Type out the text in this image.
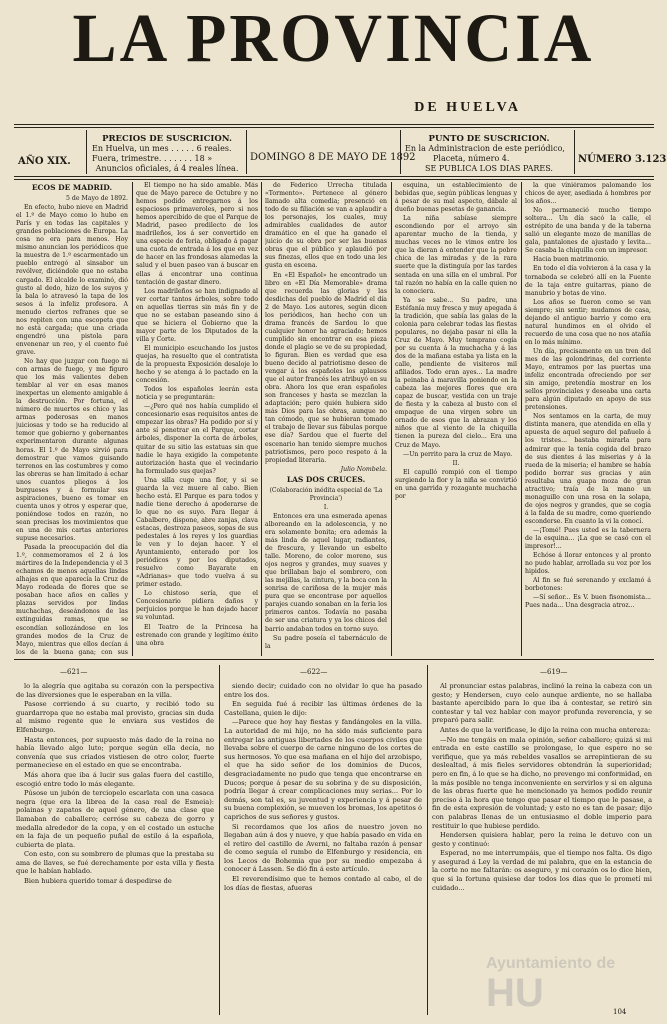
LA PROVINCIA
DE HUELVA
AÑO XIX.
PRECIOS DE SUSCRICION.
En Huelva, un mes . . . . . 6 reales.
Fuera, trimestre. . . . . . . 18 »
Anuncios oficiales, á 4 reales línea.
DOMINGO 8 DE MAYO DE 1892
PUNTO DE SUSCRICION.
En la Administracion de este periódico,
Placeta, número 4.
SE PUBLICA LOS DIAS PARES.
NÚMERO 3.123

ECOS DE MADRID.

5 de Mayo de 1892.

En efecto, hubo nieve en Madrid el 1.º de Mayo como lo hubo en París y en todas las capitales y grandes poblaciones de Europa. La cosa no era para menos. Hoy mismo anuncian los periódicos que la muestra de 1.º escarmentado un pueblo entregó al sinsabor un revólver, diciéndole que no estaba cargado. El alcalde lo examinó, dió gusto al dedo, hizo de los suyos y la bala lo atravesó la tapa de los sesos á la infeliz profesora. A menudo ciertos refranes que se nos repiten con una escopeta que no está cargada; que una criada engendró una pistola para envenenar un reo, y el cuento fué grave.

No hay que juzgar con fuego ni con armas de fuego, y me figuro que los más valientes deben temblar al ver en esas manos inexpertas un elemento amigable á la destrucción. Por fortuna, el número de muertos es chico y las armas poderosas en manos juiciosas y todo se ha reducido al temor que gobierno y gobernantes experimentaron durante algunas horas. El 1.º de Mayo sirvió para demostrar que vamos guisando terrenos en las costumbres y como las obreras se han limitado á echar unos cuantos pliegos á los burgueses y á formular sus aspiraciones, bueno es tomar en cuenta unos y otros y esperar que, poniéndose todos en razón, no sean precisas los movimientos que en una de mis cartas anteriores supuse necesarios.

Pasada la preocupación del día 1.º, conmemoramos el 2 á los mártires de la Independencia y el 3 echamos de menos aquellas lindas alhajas en que aparecía la Cruz de Mayo rodeada de flores que se posaban hace años en calles y plazas servidos por lindas muchachas, deseándonos de las extinguidas ramas, que se escondían sollozándose en los grandes modos de la Cruz de Mayo, mientras que ellos decían á los de la buena gana; con sus

El tiempo no ha sido amable. Más que de Mayo parece de Octubre y no hemos podido entregarnos á los espaciosos primaveroles, pero si nos hemos apercibido de que el Parque de Madrid, paseo predilecto de los madrileños, los á ser convertido en una especie de feria, obligado á pagar una cuota de entrada á los que en vez de hacer en las frondosas alamedas la salud y el buen paseo van á buscar en ellas á encontrar una continua tentación de gastar dinero.

Los madrileños se han indignado al ver cortar tantos árboles, sobre todo en aquellas tierras sin más fin y de que no se estaban paseando sino á que se hiciera el Gobierno que la mayor parte de los Diputados de la villa y Corte.

El municipio escuchando los justos quejas, ha resuelto que el contratista de la propuesta Exposición desaloje lo hecho y se atenga á lo pactado en la concesión.

Todos los españoles leerán esta noticia y se preguntarán:

—¿Pero qué nos había cumplido el concesionario esas requisitos antes de empezar las obras? Ha podido por sí y ante sí penetrar en el Parque, cortar árboles, disponer la corta de árboles, quitar de su sitio las estatuas sin que nadie le haya exigido la competente autorización hasta que el vecindario ha formulado sus quejas?

Una silla cuge una flor, y si se guarda la vez muere al cabo. Bien hecho está. El Parque es para todos y nadie tiene derecho á apoderarse de lo que no es suyo. Para llegar á Cabalbero, dispone, abre zanjas, clava estacas, destroza paseos, sopas de sus pedestales á los reyes y los guardias le ven y lo dejan hacer. Y el Ayuntamiento, enterado por los periódicos y por los diputados, resuelvo como Bayarate en «Adrianas» que todo vuelva á su primer estado.

Lo chistoso sería, que el Concesionario pidiera daños y perjuicios porque le han dejado hacer su voluntad.

El Teatro de la Princesa ha estrenado con grande y legítimo éxito una obra

de Federico Urrecha titulada «Tormento». Pertenece al género llamado alta comedia; presenció en todo de su filiación se van a aplaudir a los personajes, los cuales, muy admirables cualidades de autor dramático en el que ha ganado el juicio de su obra por ser las buenas obras que el público y aplaudió por sus finezas, ellos que en todo una les gusta en escena.

En «El Español» he encontrado un libro en «El Día Memorable» drama que recuerda las glorias y las desdichas del pueblo de Madrid el día 2 de Mayo. Los autores, según dicen los periódicos, han hecho con un drama francés de Sardou lo que cualquier honor ha agraciado; hemos cumplido sin encontrar en esa pieza donde el plagio se ve de su propiedad, lo figuran. Bien es verdad que esa bueno decido al patriotismo deseo de vengar á los españoles los aplausos que el autor francés les atribuyó en su obra. Ahora los que eran españoles son franceses y hasta se mezclan la adaptación; pero quién hubiera sido más Dios para las obras, aunque no tan cómodo, que se hubieran tomado el trabajo de llevar sus fábulas porque ese día? Sardou que el fuerte del escenario han tenido siempre muchos patriotismos, pero poco respeto á la propiedad literaria.

Julio Nombela.

LAS DOS CRUCES.

(Colaboración inédita especial de 'La Provincia')

I.

Entonces era una esmerada apenas alboreando en la adolescencia, y no era solamente bonita; era además la más linda de aquel lugar, radiantes, de frescura, y llevando un esbelto talle. Moreno, de color moreno, sus ojos negros y grandes, muy suaves y que brillaban bajo el sombrero, con las mejillas, la cintura, y la boca con la sonrisa de cariñosa de la mujer más pura que se encontrase por aquellos parajes cuando sonaban en la feria los primeros cantos. Todavía no pasaba de ser una criatura y ya los chicos del barrio andaban todos en torno suyo.

Su padre poseía el tabernáculo de la

esquina, un establecimiento de bebidas que, según públicas lenguas y á pesar de su mal aspecto, dábale al dueño buenas pesetas de ganancia.

La niña sabíase siempre escondiendo por el arroyo sin aparentar mucho de la tienda, y muchas veces no le vimos entre los que la dieran á entender que la pobre chica de las miradas y de la rara suerte que la distinguía por las tardes sentada en una silla en el umbral. Por tal razón no había en la calle quien no la conociera.

Ya se sabe... Su padre, una Estéfanía muy fresca y muy apegada á la tradición, que sabía las galas de la colonia para celebrar todas las fiestas populares, no dejaba pasar ni ella la Cruz de Mayo. Muy temprano cogía por su cuenta á la muchacha y á las dos de la mañana estaba ya lista en la calle, pendiente de visiteros mil afiliados. Todo eran ayes... La madre la peinaba á maravilla poniendo en la cabeza las mejores flores que era capaz de buscar, vestida con un traje de fiesta y la cabeza al busto con el empaque de una virgen sobre un ornado de esos que la abrazan y los niños que al viento de la chiquilla tienen la pureza del cielo... Era una Cruz de Mayo.

—Un perrito para la cruz de Mayo.

II.

El capulló rompió con el tiempo surgiendo la flor y la niña se convirtió en una garrida y rozagante muchacha por

la que viniéramos palomando los chicos de ayer, asediada á hombres por los años...

No permaneció mucho tiempo soltera... Un día sacó la calle, el estrépito de una banda y de la taberna salió un elegante mozo de manillas de gala, pantalones de ajustado y levita... Se casaba la chiquilla con un impresor.

Hacia buen matrimonio.

En todo el día volvieron á la casa y la tornaboda se celebró allí en la Fuente de la taja entre guitarras, piano de manubrio y botas de vino.

Los años se fueron como se van siempre; sin sentir; mudamos de casa, dejando el antiguo barrio y como era natural hundimos en el olvido el recuerdo de una cosa que no nos atañía en lo más mínimo.

Un día, precisamente en un tren del mes de las golondrinas, del corriente Mayo, entramos por las puertas una infeliz encontrada ofreciendo por ser sin amigo, pretendía mostrar en los sellos provinciales y deseaba una carta para algún diputado en apoyo de sus pretensiones.

Nos sentamos en la carta, de muy distinta manera, que atendida en ella y apuesta de aquel seguro del pañuelo á los tristes... bastaba mirarla para admirar que la tenía cogida del brazo de sus dientes á las miserias y á la rueda de la miseria; el hambre se había podido borrar sus gracias y aún resultaba una guapa moza de gran atractivo; traía de la mano un monaguillo con una rosa en la solapa, de ojos negros y grandes, que se cogía á la falda de su madre, como queriendo esconderse. En cuanto la vi la conocí.

—¡Tomé! Pues usted es la tabernera de la esquina... ¡La que se casó con el impresor!...

Echóse á llorar entonces y al pronto no pudo hablar, arrollada su voz por los hipidos.

Al fin se fué serenando y exclamó á borbotones:

—Sí señor... Es V. buen fisonomista... Pues nada... Una desgracia atroz...

—621—	—622—	—619—

lo la alegría que agitaba su corazón con la perspectiva de las diversiones que le esperaban en la villa.

Pasose corriendo á su cuarto, y recibió todo su guardarropa que no estaba mal provisto, gracias sin duda al mismo regente que le enviara sus vestidos de Elfenburgo.

Hasta entonces, por supuesto más dado de la reina no había llevado algo luto; porque según ella decía, no convenía que sus criados vistiesen de otro color, fuerte permaneciese en el estado en que se encontraba.

Más ahora que iba á lucir sus galas fuera del castillo, escogió entre todo lo más elegante.

Púsose un jubón de terciopelo escarlata con una casaca negra (que era la librea de la casa real de Esmeia): polainas y zapatos de aquel género, de una clase que llamaban de caballero; cerróse su cabeza de gorro y medalla alrededor de la copa, y en el costado un estuche en la faja de un pequeño puñal de estilo á la española, cubierta de plata.

Con esto, con su sombrero de plumas que la prestaba su ama de llaves, se fué derechamente por esta villa y fiesta que le habían hablado.

Bien hubiera querido tomar á despedirse de

siendo decir; cuidado con no olvidar lo que ha pasado entre los dos.

En seguida fué á recibir las últimas órdenes de la Castellana, quien le dijo:

—Parece que hoy hay fiestas y fandángoles en la villa. La autoridad de mi hijo, no ha sido más suficiente para entregar las antiguas libertades de los cuerpos civiles que llevaba sobre el cuerpo de carne ninguno de los cortes de sus hermosos. Yo que esa mañana en el hijo del arzobispo, el que ha sido señor de los dominios de Ducos, desgraciadamente no pudo que tenga que encontrarse en Ducos; porque á pesar de su sobrina y de su disposición, podría llegar á crear complicaciones muy serias... Por lo demás, son tal es, su juventud y experiencia y á pesar de su buena complexión, se mueven los bromas, los apetitos ó caprichos de sus señores y gustos.

Si recordamos que los años de nuestro joven no llegaban aún á dos y nueve, y que había pasado en vida en el retiro del castillo de Averni, no faltaba razón á pensar de como seguía el rumbo de Elfenburgo y residencia, en los Lecos de Bohemia que por su medio empezaba á conocer á Lassen. Se dió fin á este artículo.

El reverendísimo que te hemos contado al cabo, el de los días de fiestas, afueras

Al pronunciar estas palabras, inclinó la reina la cabeza con un gesto; y Hendersen, cuyo celo aunque ardiente, no se hallaba bastante apercibido para lo que iba á contestar, se retiró sin contestar y tal vez hablar con mayor profunda reverencia, y se preparó para salir.

Antes de que la verificase, le dijo la reina con mucha entereza:

—No me tengáis en mala opinión, señor caballero; quizá si mi entrada en este castillo se prolongase, lo que espero no se verifique, que ya más rebeldes vasallos se arrepintieran de su deslealtad, á mis fieles servidores obtendrán la superioridad; pero en fin, á lo que se ha dicho, no prevengo mi conformidad, en la más posible no tenga inconveniente en servirlos y si en alguna de las obras fuerte que he mencionado ya hemos podido reunir preciso á la hora que tengo que pasar el tiempo que le pasase, a fin de esta expresión de voluntad; y esto no es tan de pasar; dijo con palabras llenas de un entusiasmo el doble imperio para restituir lo que hubiese perdido.

Hendersen quisiera hablar, pero la reina le detuvo con un gesto y continuó:

Esperad, no me interrumpáis, que el tiempo nos falta. Os digo y asegurad á Ley la verdad de mi palabra, que en la estancia de la corte no me faltarán: os aseguro, y mi corazón os lo dice bien, que si la fortuna quisiese dar todos los dias que le prometí mi cuidado...

Ayuntamiento de
HU	104
